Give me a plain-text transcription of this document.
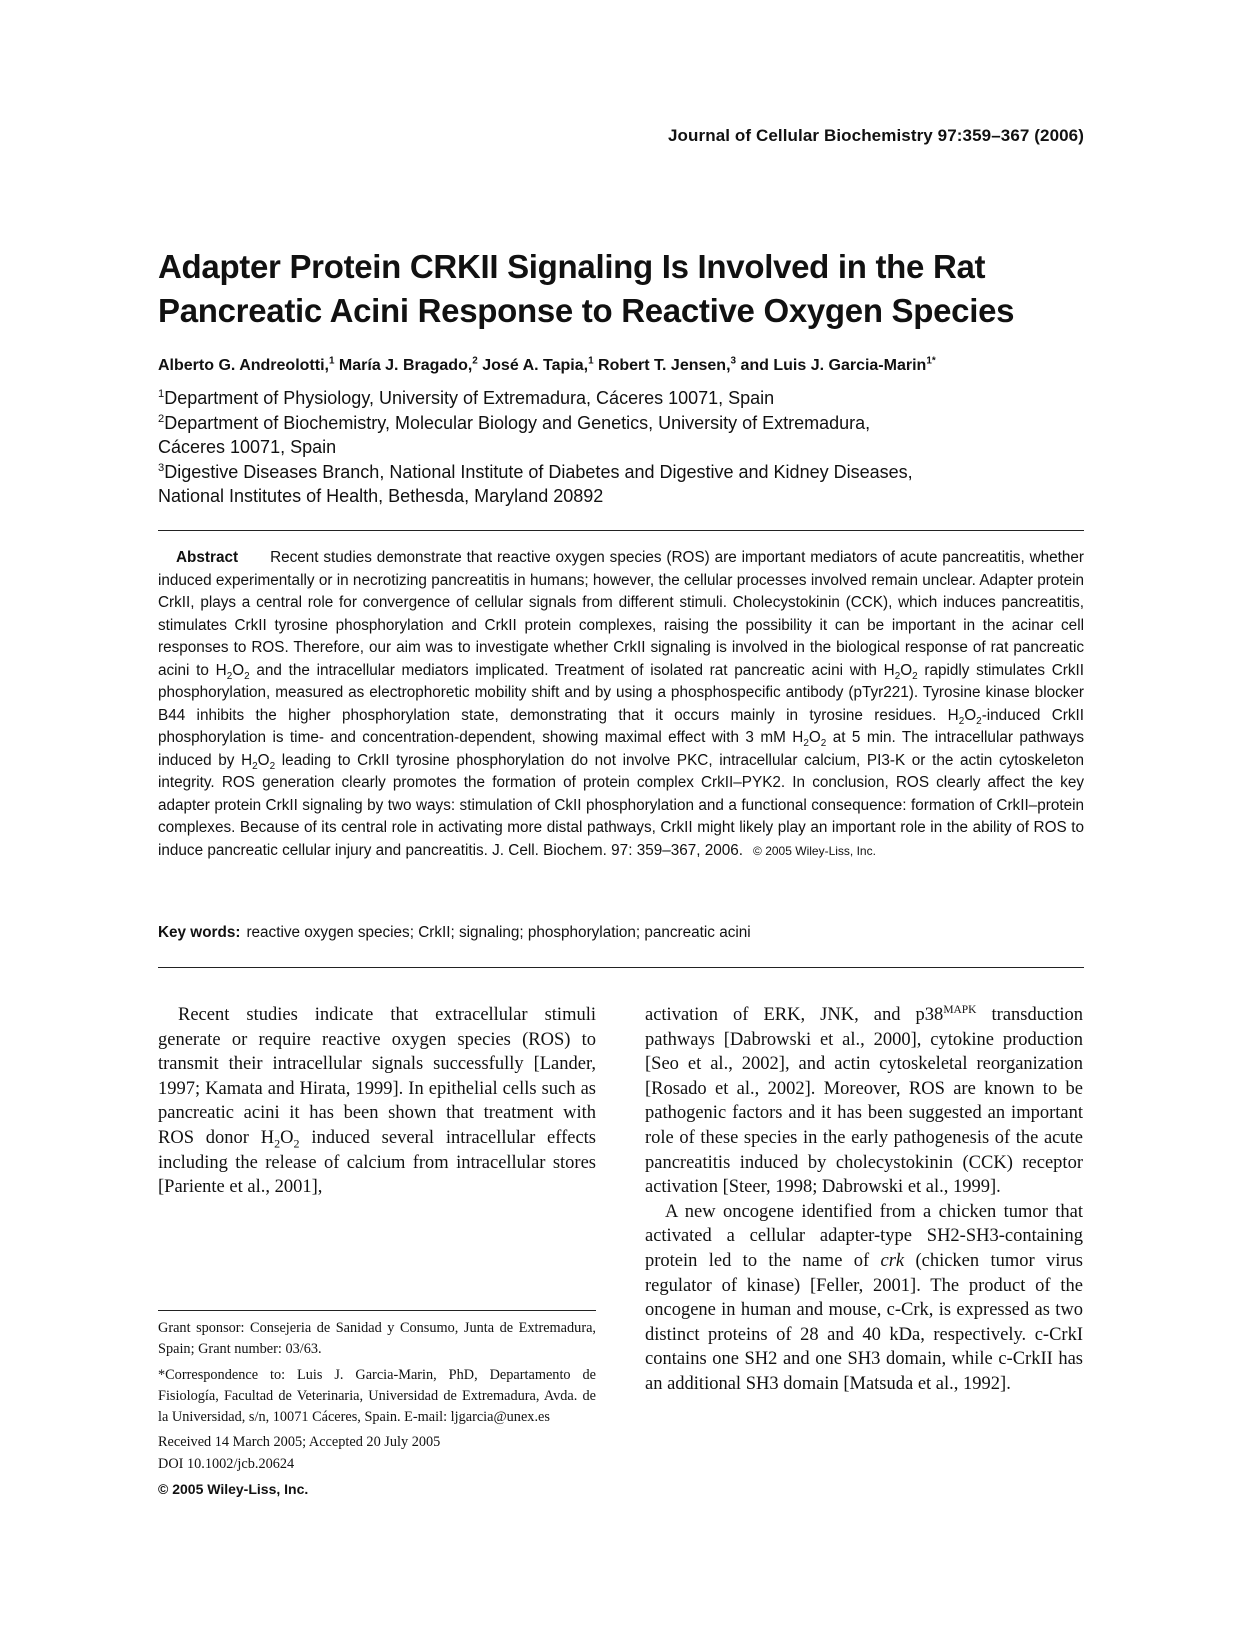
Journal of Cellular Biochemistry 97:359–367 (2006)
Adapter Protein CRKII Signaling Is Involved in the Rat
Pancreatic Acini Response to Reactive Oxygen Species
Alberto G. Andreolotti,$^1$ María J. Bragado,$^2$ José A. Tapia,$^1$ Robert T. Jensen,$^3$ and Luis J. Garcia-Marin$^{1*}$
$^1$Department of Physiology, University of Extremadura, Cáceres 10071, Spain
$^2$Department of Biochemistry, Molecular Biology and Genetics, University of Extremadura,
Cáceres 10071, Spain
$^3$Digestive Diseases Branch, National Institute of Diabetes and Digestive and Kidney Diseases,
National Institutes of Health, Bethesda, Maryland 20892

Abstract Recent studies demonstrate that reactive oxygen species (ROS) are important mediators of acute pancreatitis, whether induced experimentally or in necrotizing pancreatitis in humans; however, the cellular processes involved remain unclear. Adapter protein CrkII, plays a central role for convergence of cellular signals from different stimuli. Cholecystokinin (CCK), which induces pancreatitis, stimulates CrkII tyrosine phosphorylation and CrkII protein complexes, raising the possibility it can be important in the acinar cell responses to ROS. Therefore, our aim was to investigate whether CrkII signaling is involved in the biological response of rat pancreatic acini to $H_2O_2$ and the intracellular mediators implicated. Treatment of isolated rat pancreatic acini with $H_2O_2$ rapidly stimulates CrkII phosphorylation, measured as electrophoretic mobility shift and by using a phosphospecific antibody (pTyr221). Tyrosine kinase blocker B44 inhibits the higher phosphorylation state, demonstrating that it occurs mainly in tyrosine residues. $H_2O_2$-induced CrkII phosphorylation is time- and concentration-dependent, showing maximal effect with 3 mM $H_2O_2$ at 5 min. The intracellular pathways induced by $H_2O_2$ leading to CrkII tyrosine phosphorylation do not involve PKC, intracellular calcium, PI3-K or the actin cytoskeleton integrity. ROS generation clearly promotes the formation of protein complex CrkII–PYK2. In conclusion, ROS clearly affect the key adapter protein CrkII signaling by two ways: stimulation of CkII phosphorylation and a functional consequence: formation of CrkII–protein complexes. Because of its central role in activating more distal pathways, CrkII might likely play an important role in the ability of ROS to induce pancreatic cellular injury and pancreatitis. J. Cell. Biochem. 97: 359–367, 2006. © 2005 Wiley-Liss, Inc.

Key words: reactive oxygen species; CrkII; signaling; phosphorylation; pancreatic acini

Recent studies indicate that extracellular stimuli generate or require reactive oxygen species (ROS) to transmit their intracellular signals successfully [Lander, 1997; Kamata and Hirata, 1999]. In epithelial cells such as pancreatic acini it has been shown that treatment with ROS donor $H_2O_2$ induced several intracellular effects including the release of calcium from intracellular stores [Pariente et al., 2001],

Grant sponsor: Consejeria de Sanidad y Consumo, Junta de Extremadura, Spain; Grant number: 03/63.

*Correspondence to: Luis J. Garcia-Marin, PhD, Departamento de Fisiología, Facultad de Veterinaria, Universidad de Extremadura, Avda. de la Universidad, s/n, 10071 Cáceres, Spain. E-mail: ljgarcia@unex.es

Received 14 March 2005; Accepted 20 July 2005

DOI 10.1002/jcb.20624

© 2005 Wiley-Liss, Inc.

activation of ERK, JNK, and $p38^{MAPK}$ transduction pathways [Dabrowski et al., 2000], cytokine production [Seo et al., 2002], and actin cytoskeletal reorganization [Rosado et al., 2002]. Moreover, ROS are known to be pathogenic factors and it has been suggested an important role of these species in the early pathogenesis of the acute pancreatitis induced by cholecystokinin (CCK) receptor activation [Steer, 1998; Dabrowski et al., 1999].

A new oncogene identified from a chicken tumor that activated a cellular adapter-type SH2-SH3-containing protein led to the name of crk (chicken tumor virus regulator of kinase) [Feller, 2001]. The product of the oncogene in human and mouse, c-Crk, is expressed as two distinct proteins of 28 and 40 kDa, respectively. c-CrkI contains one SH2 and one SH3 domain, while c-CrkII has an additional SH3 domain [Matsuda et al., 1992].
